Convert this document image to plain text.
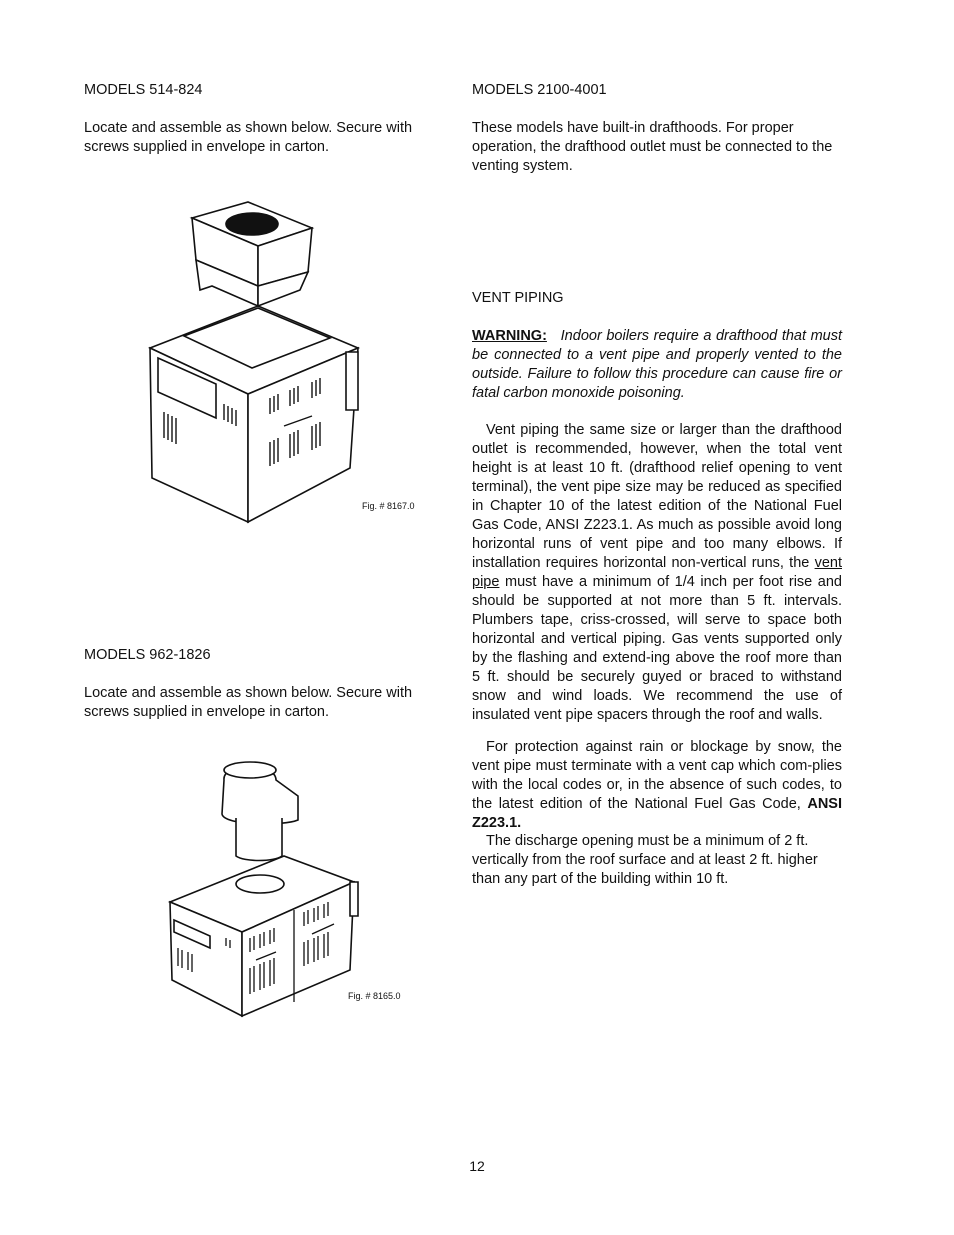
MODELS 514-824

Locate and assemble as shown below. Secure with screws supplied in envelope in carton.

Fig. # 8167.0

MODELS 962-1826

Locate and assemble as shown below. Secure with screws supplied in envelope in carton.

Fig. # 8165.0

MODELS 2100-4001

These models have built-in drafthoods. For proper operation, the drafthood outlet must be connected to the venting system.

VENT PIPING

WARNING: Indoor boilers require a drafthood that must be connected to a vent pipe and properly vented to the outside. Failure to follow this procedure can cause fire or fatal carbon monoxide poisoning.

Vent piping the same size or larger than the drafthood outlet is recommended, however, when the total vent height is at least 10 ft. (drafthood relief opening to vent terminal), the vent pipe size may be reduced as specified in Chapter 10 of the latest edition of the National Fuel Gas Code, ANSI Z223.1. As much as possible avoid long horizontal runs of vent pipe and too many elbows. If installation requires horizontal non-vertical runs, the vent pipe must have a minimum of 1/4 inch per foot rise and should be supported at not more than 5 ft. intervals. Plumbers tape, criss-crossed, will serve to space both horizontal and vertical piping. Gas vents supported only by the flashing and extend-ing above the roof more than 5 ft. should be securely guyed or braced to withstand snow and wind loads. We recommend the use of insulated vent pipe spacers through the roof and walls.

For protection against rain or blockage by snow, the vent pipe must terminate with a vent cap which com-plies with the local codes or, in the absence of such codes, to the latest edition of the National Fuel Gas Code, ANSI Z223.1.

The discharge opening must be a minimum of 2 ft. vertically from the roof surface and at least 2 ft. higher than any part of the building within 10 ft.

12
